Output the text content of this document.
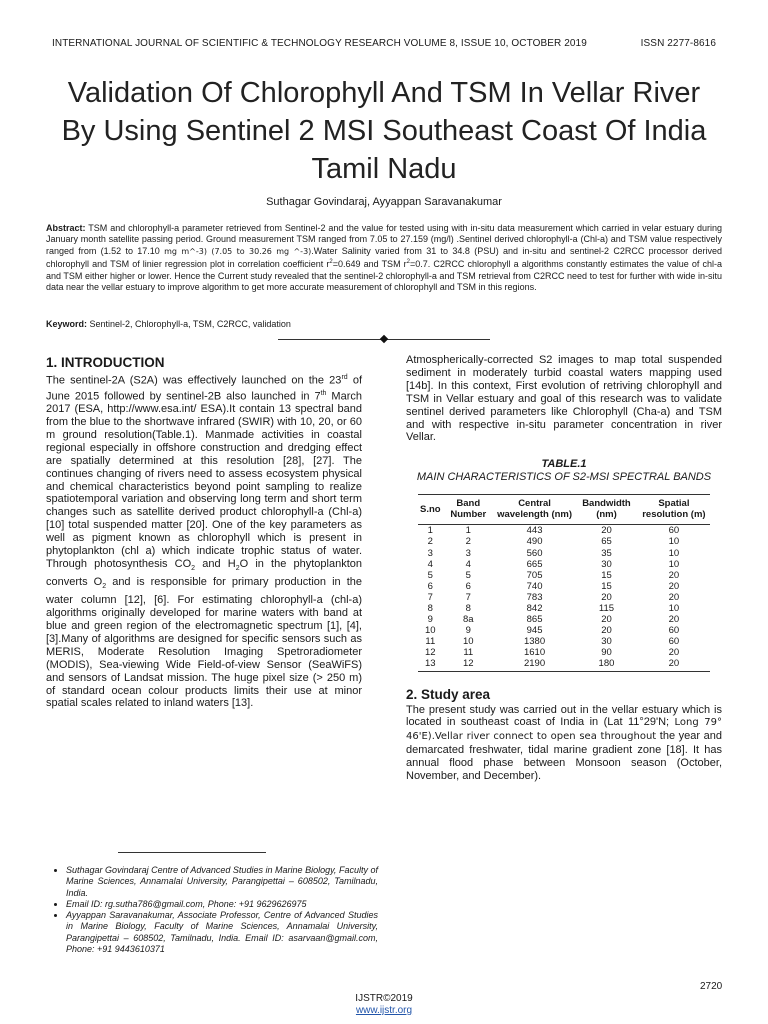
INTERNATIONAL JOURNAL OF SCIENTIFIC & TECHNOLOGY RESEARCH VOLUME 8, ISSUE 10, OCTOBER 2019	ISSN 2277-8616
Validation Of Chlorophyll And TSM In Vellar River
By Using Sentinel 2 MSI Southeast Coast Of India
Tamil Nadu
Suthagar Govindaraj, Ayyappan Saravanakumar
Abstract: TSM and chlorophyll-a parameter retrieved from Sentinel-2 and the value for tested using with in-situ data measurement which carried in velar estuary during January month satellite passing period. Ground measurement TSM ranged from 7.05 to 27.159 (mg/l) .Sentinel derived chlorophyll-a (Chl-a) and TSM value respectively ranged from (1.52 to 17.10 mg m^-3) (7.05 to 30.26 mg ^-3).Water Salinity varied from 31 to 34.8 (PSU) and in-situ and sentinel-2 C2RCC processor derived chlorophyll and TSM of linier regression plot in correlation coefficient $r^2=0.649$ and TSM $r^2=0.7$. C2RCC chlorophyll a algorithms constantly estimates the value of chl-a and TSM either higher or lower. Hence the Current study revealed that the sentinel-2 chlorophyll-a and TSM retrieval from C2RCC need to test for further with wide in-situ data near the vellar estuary to improve algorithm to get more accurate measurement of chlorophyll and TSM in this regions.
Keyword: Sentinel-2, Chlorophyll-a, TSM, C2RCC, validation
1. INTRODUCTION

The sentinel-2A (S2A) was effectively launched on the 23rd of June 2015 followed by sentinel-2B also launched in 7th March 2017 (ESA, http://www.esa.int/ ESA).It contain 13 spectral band from the blue to the shortwave infrared (SWIR) with 10, 20, or 60 m ground resolution(Table.1). Manmade activities in coastal regional especially in offshore construction and dredging effect are spatially determined at this resolution [28], [27]. The continues changing of rivers need to assess ecosystem physical and chemical characteristics beyond point sampling to realize spatiotemporal variation and observing long term and short term changes such as satellite derived product chlorophyll-a (Chl-a) [10] total suspended matter [20]. One of the key parameters as well as pigment known as chlorophyll which is present in phytoplankton (chl a) which indicate trophic status of water. Through photosynthesis $CO_2$ and $H_2O$ in the phytoplankton converts $O_2$ and is responsible for primary production in the water column [12], [6]. For estimating chlorophyll-a (chl-a) algorithms originally developed for marine waters with band at blue and green region of the electromagnetic spectrum [1], [4], [3].Many of algorithms are designed for specific sensors such as MERIS, Moderate Resolution Imaging Spetroradiometer (MODIS), Sea-viewing Wide Field-of-view Sensor (SeaWiFS) and sensors of Landsat mission. The huge pixel size (> 250 m) of standard ocean colour products limits their use at minor spatial scales related to inland waters [13].

Atmospherically-corrected S2 images to map total suspended sediment in moderately turbid coastal waters mapping used [14b]. In this context, First evolution of retriving chlorophyll and TSM in Vellar estuary and goal of this research was to validate sentinel derived parameters like Chlorophyll (Cha-a) and TSM and with respective in-situ parameter concentration in river Vellar.

TABLE.1
MAIN CHARACTERISTICS OF S2-MSI SPECTRAL BANDS
S.no	Band Number	Central wavelength (nm)	Bandwidth (nm)	Spatial resolution (m)
1	1	443	20	60
2	2	490	65	10
3	3	560	35	10
4	4	665	30	10
5	5	705	15	20
6	6	740	15	20
7	7	783	20	20
8	8	842	115	10
9	8a	865	20	20
10	9	945	20	60
11	10	1380	30	60
12	11	1610	90	20
13	12	2190	180	20
2. Study area

The present study was carried out in the vellar estuary which is located in southeast coast of India in (Lat 11°29'N; Long 79° 46'E).Vellar river connect to open sea throughout the year and demarcated freshwater, tidal marine gradient zone [18]. It has annual flood phase between Monsoon season (October, November, and December).

• Suthagar Govindaraj Centre of Advanced Studies in Marine Biology, Faculty of Marine Sciences, Annamalai University, Parangipettai – 608502, Tamilnadu, India.
• Email ID: rg.sutha786@gmail.com, Phone: +91 9629626975
• Ayyappan Saravanakumar, Associate Professor, Centre of Advanced Studies in Marine Biology, Faculty of Marine Sciences, Annamalai University, Parangipettai – 608502, Tamilnadu, India. Email ID: asarvaan@gmail.com, Phone: +91 9443610371
2720
IJSTR©2019
www.ijstr.org
